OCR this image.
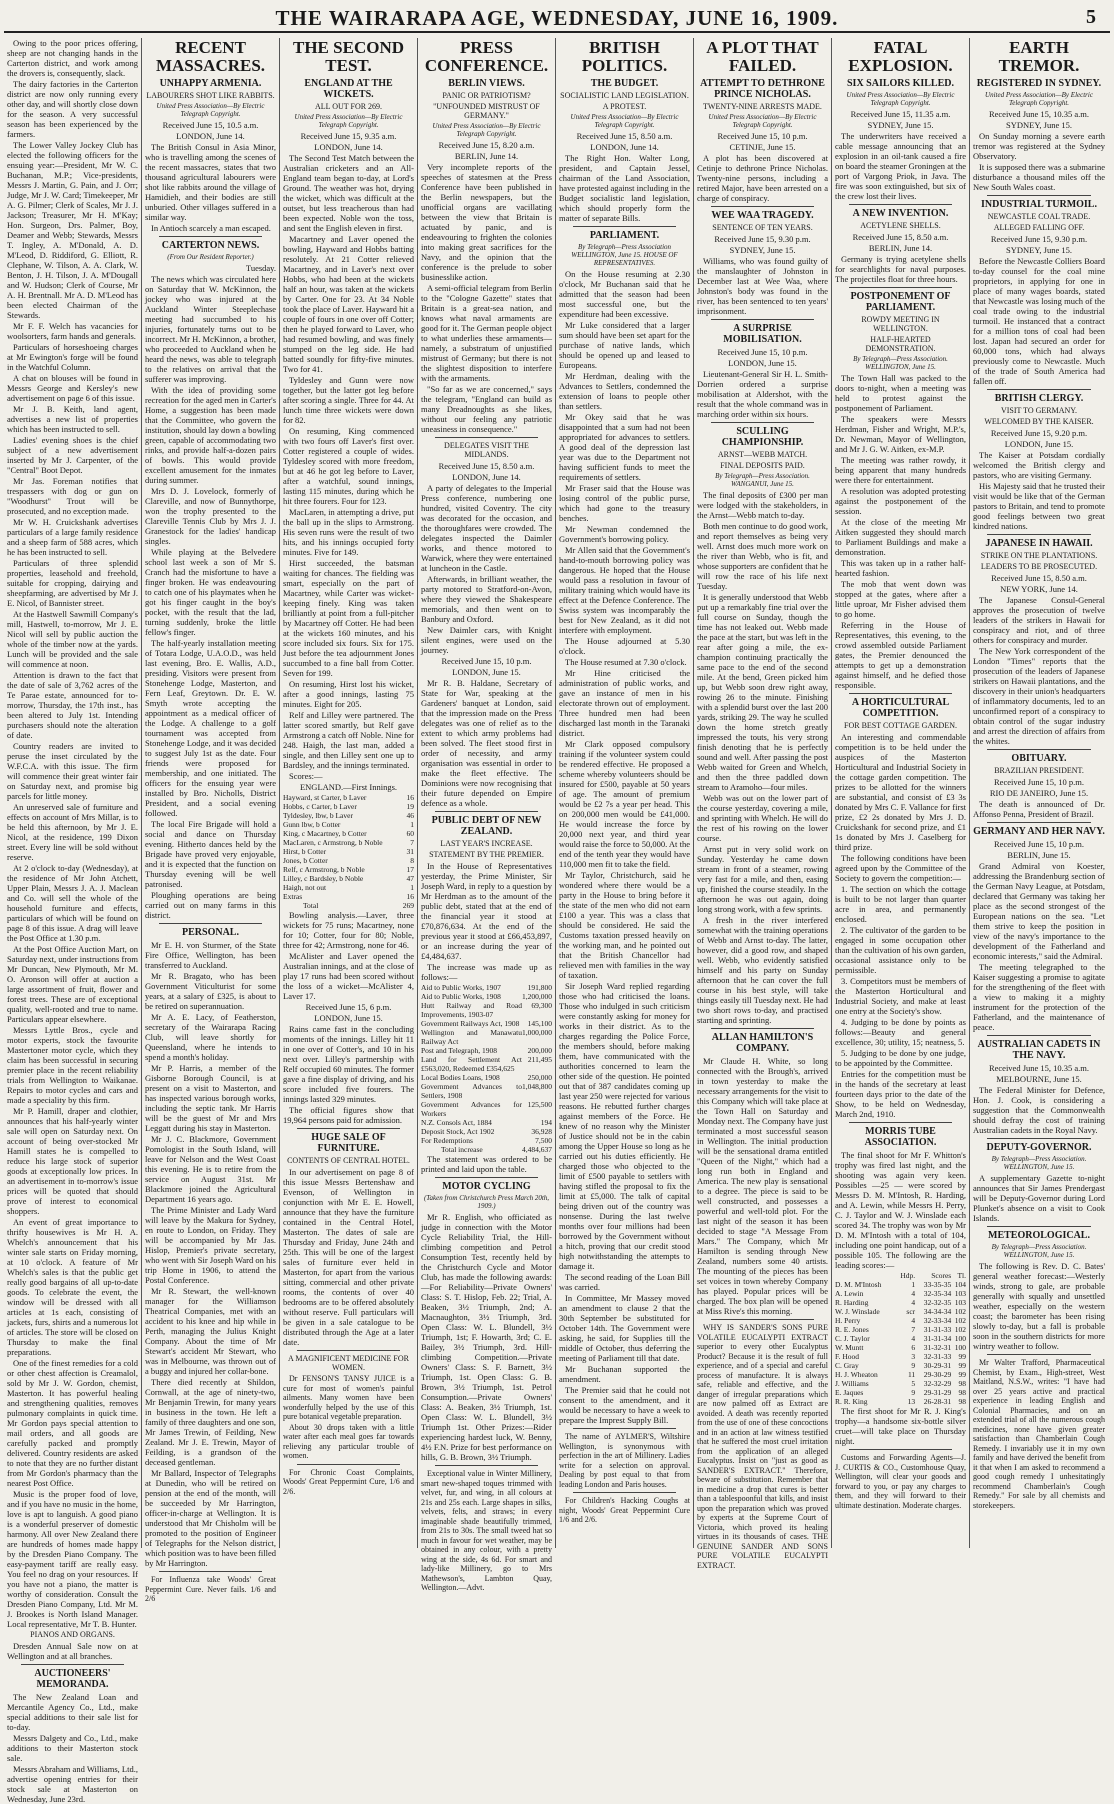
THE WAIRARAPA AGE, WEDNESDAY, JUNE 16, 1909.	5

Owing to the poor prices offering, sheep are not changing hands in the Carterton district, and work among the drovers is, consequently, slack.

The dairy factories in the Carterton district are now only running every other day, and will shortly close down for the season. A very successful season has been experienced by the farmers.

The Lower Valley Jockey Club has elected the following officers for the ensuing year:—President, Mr W. C. Buchanan, M.P.; Vice-presidents, Messrs J. Martin, G. Pain, and J. Orr; Judge, Mr J. W. Card; Timekeeper, Mr A. G. Pilmer; Clerk of Scales, Mr J. J. Jackson; Treasurer, Mr H. M'Kay; Hon. Surgeon, Drs. Palmer, Boy, Deamer and Webb; Stewards, Messrs T. Ingley, A. M'Donald, A. D. M'Leod, D. Riddiford, G. Elliott, R. Clephane, W. Tilson, A. A. Clark, W. Benton, J. H. Tilson, J. A. M'Dougall and W. Hudson; Clerk of Course, Mr A. H. Brentnall. Mr A. D. M'Leod has been elected Chairman of the Stewards.

Mr F. F. Welch has vacancies for woolsorters, farm hands and generals.

Particulars of horseshoeing charges at Mr Ewington's forge will be found in the Watchful Column.

A chat on blouses will be found in Messrs George and Kersley's new advertisement on page 6 of this issue.

Mr J. B. Keith, land agent, advertises a new list of properties which has been instructed to sell.

Ladies' evening shoes is the chief subject of a new advertisement inserted by Mr J. Carpenter, of the "Central" Boot Depot.

Mr Jas. Foreman notifies that trespassers with dog or gun on "Woodhurst" Trout will be prosecuted, and no exception made.

Mr W. H. Cruickshank advertises particulars of a large family residence and a sheep farm of 588 acres, which he has been instructed to sell.

Particulars of three splendid properties, leasehold and freehold, suitable for cropping, dairying and sheepfarming, are advertised by Mr J. E. Nicol, of Bannister street.

At the Hastwell Sawmill Company's mill, Hastwell, to-morrow, Mr J. E. Nicol will sell by public auction the whole of the timber now at the yards. Lunch will be provided and the sale will commence at noon.

Attention is drawn to the fact that the date of sale of 3,762 acres of the Te Parae estate, announced for to-morrow, Thursday, the 17th inst., has been altered to July 1st. Intending purchasers should note the alteration of date.

Country readers are invited to peruse the inset circulated by the W.F.C.A. with this issue. The firm will commence their great winter fair on Saturday next, and promise big parcels for little money.

An unreserved sale of furniture and effects on account of Mrs Millar, is to be held this afternoon, by Mr J. E. Nicol, at the residence, 199 Dixon street. Every line will be sold without reserve.

At 2 o'clock to-day (Wednesday), at the residence of Mr John Atchett, Upper Plain, Messrs J. A. J. Maclean and Co. will sell the whole of the household furniture and effects, particulars of which will be found on page 8 of this issue. A drag will leave the Post Office at 1.30 p.m.

At the Post Office Auction Mart, on Saturday next, under instructions from Mr Duncan, New Plymouth, Mr M. O. Aronson will offer at auction a large assortment of fruit, flower and forest trees. These are of exceptional quality, well-rooted and true to name. Particulars appear elsewhere.

Messrs Lyttle Bros., cycle and motor experts, stock the favourite Mastertoner motor cycle, which they claim has been successful in securing premier place in the recent reliability trials from Wellington to Waikanae. Repairs to motor cycles and cars and made a speciality by this firm.

Mr P. Hamill, draper and clothier, announces that his half-yearly winter sale will open on Saturday next. On account of being over-stocked Mr Hamill states he is compelled to reduce his large stock of superior goods at exceptionally low prices. In an advertisement in to-morrow's issue prices will be quoted that should prove of interest to economical shoppers.

An event of great importance to thrifty housewives is Mr H. A. Whelch's announcement that his winter sale starts on Friday morning, at 10 o'clock. A feature of Mr Whelch's sales is that the public get really good bargains of all up-to-date goods. To celebrate the event, the window will be dressed with all articles at 1s each, consisting of jackets, furs, shirts and a numerous lot of articles. The store will be closed on Thursday to make the final preparations.

One of the finest remedies for a cold or other chest affection is Creamalol, sold by Mr J. W. Gordon, chemist, Masterton. It has powerful healing and strengthening qualities, removes pulmonary complaints in quick time. Mr Gordon pays special attention to mail orders, and all goods are carefully packed and promptly delivered. Country residents are asked to note that they are no further distant from Mr Gordon's pharmacy than the nearest Post Office.

Music is the proper food of love, and if you have no music in the home, love is apt to languish. A good piano is a wonderful preserver of domestic harmony. All over New Zealand there are hundreds of homes made happy by the Dresden Piano Company. The easy-payment tariff are really easy. You feel no drag on your resources. If you have not a piano, the matter is worthy of consideration. Consult the Dresden Piano Company, Ltd. Mr M. J. Brookes is North Island Manager. Local representative, Mr T. B. Hunter.

PIANOS AND ORGANS.

Dresden Annual Sale now on at Wellington and at all branches.

AUCTIONEERS' MEMORANDA.

The New Zealand Loan and Mercantile Agency Co., Ltd., make special additions to their sale list for to-day.

Messrs Dalgety and Co., Ltd., make additions to their Masterton stock sale.

Messrs Abraham and Williams, Ltd., advertise opening entries for their stock sale at Masterton on Wednesday, June 23rd.

RECENT MASSACRES.
UNHAPPY ARMENIA.
LABOURERS SHOT LIKE RABBITS.
United Press Association—By Electric Telegraph Copyright.

Received June 15, 10.5 a.m.

LONDON, June 14.

The British Consul in Asia Minor, who is travelling among the scenes of the recent massacres, states that two thousand agricultural labourers were shot like rabbits around the village of Hamidieh, and their bodies are still unburied. Other villages suffered in a similar way.

In Antioch scarcely a man escaped.

CARTERTON NEWS.
(From Our Resident Reporter.)

Tuesday.

The news which was circulated here on Saturday that W. McKinnon, the jockey who was injured at the Auckland Winter Steeplechase meeting had succumbed to his injuries, fortunately turns out to be incorrect. Mr H. McKinnon, a brother, who proceeded to Auckland when he heard the news, was able to telegraph to the relatives on arrival that the sufferer was improving.

With the idea of providing some recreation for the aged men in Carter's Home, a suggestion has been made that the Committee, who govern the institution, should lay down a bowling green, capable of accommodating two rinks, and provide half-a-dozen pairs of bowls. This would provide excellent amusement for the inmates during summer.

Mrs D. J. Lovelock, formerly of Clareville, and now of Bunnythorpe, won the trophy presented to the Clareville Tennis Club by Mrs J. J. Granestock for the ladies' handicap singles.

While playing at the Belvedere school last week a son of Mr S. Cranch had the misfortune to have a finger broken. He was endeavouring to catch one of his playmates when he got his finger caught in the boy's pocket, with the result that the lad, turning suddenly, broke the little fellow's finger.

The half-yearly installation meeting of Totara Lodge, U.A.O.D., was held last evening, Bro. E. Wallis, A.D., presiding. Visitors were present from Stonehenge Lodge, Masterton, and Fern Leaf, Greytown. Dr. E. W. Smyth wrote accepting the appointment as a medical officer of the Lodge. A challenge to a golf tournament was accepted from Stonehenge Lodge, and it was decided to suggest July 1st as the date. Four friends were proposed for membership, and one initiated. The officers for the ensuing year were installed by Bro. Nicholls, District President, and a social evening followed.

The local Fire Brigade will hold a social and dance on Thursday evening. Hitherto dances held by the Brigade have proved very enjoyable, and it is expected that the function on Thursday evening will be well patronised.

Ploughing operations are being carried out on many farms in this district.

PERSONAL.

Mr E. H. von Sturmer, of the State Fire Office, Wellington, has been transferred to Auckland.

Mr R. Bragato, who has been Government Viticulturist for some years, at a salary of £325, is about to be retired on superannuation.

Mr A. E. Lacy, of Featherston, secretary of the Wairarapa Racing Club, will leave shortly for Queensland, where he intends to spend a month's holiday.

Mr P. Harris, a member of the Gisborne Borough Council, is at present on a visit to Masterton, and has inspected various borough works, including the septic tank. Mr Harris will be the guest of Mr and Mrs Leggatt during his stay in Masterton.

Mr J. C. Blackmore, Government Pomologist in the South Island, will leave for Nelson and the West Coast this evening. He is to retire from the service on August 31st. Mr Blackmore joined the Agricultural Department 16 years ago.

The Prime Minister and Lady Ward will leave by the Makura for Sydney, en route to London, on Friday. They will be accompanied by Mr Jas. Hislop, Premier's private secretary, who went with Sir Joseph Ward on his trip Home in 1906, to attend the Postal Conference.

Mr R. Stewart, the well-known manager for the Williamson Theatrical Companies, met with an accident to his knee and hip while in Perth, managing the Julius Knight Company. About the time of Mr Stewart's accident Mr Stewart, who was in Melbourne, was thrown out of a buggy and injured her collar-bone.

There died recently at Shildon, Cornwall, at the age of ninety-two, Mr Benjamin Trewin, for many years in business in the town. He left a family of three daughters and one son, Mr James Trewin, of Feilding, New Zealand. Mr J. E. Trewin, Mayor of Feilding, is a grandson of the deceased gentleman.

Mr Ballard, Inspector of Telegraphs at Dunedin, who will be retired on pension at the end of the month, will be succeeded by Mr Harrington, officer-in-charge at Wellington. It is understood that Mr Chisholm will be promoted to the position of Engineer of Telegraphs for the Nelson district, which position was to have been filled by Mr Harrington.

For Influenza take Woods' Great Peppermint Cure. Never fails. 1/6 and 2/6

THE SECOND TEST.
ENGLAND AT THE WICKETS.
ALL OUT FOR 269.
United Press Association—By Electric Telegraph Copyright.

Received June 15, 9.35 a.m.

LONDON, June 14.

The Second Test Match between the Australian cricketers and an All-England team began to-day, at Lord's Ground. The weather was hot, drying the wicket, which was difficult at the outset, but less treacherous than had been expected. Noble won the toss, and sent the English eleven in first.

Macartney and Laver opened the bowling, Hayward and Hobbs batting resolutely. At 21 Cotter relieved Macartney, and in Laver's next over Hobbs, who had been at the wickets half an hour, was taken at the wickets by Carter. One for 23. At 34 Noble took the place of Laver. Hayward hit a couple of fours in one over off Cotter; then he played forward to Laver, who had resumed bowling, and was finely stumped on the leg side. He had batted soundly for fifty-five minutes. Two for 41.

Tyldesley and Gunn were now together, but the latter got leg before after scoring a single. Three for 44. At lunch time three wickets were down for 82.

On resuming, King commenced with two fours off Laver's first over. Cotter registered a couple of wides. Tyldesley scored with more freedom, but at 46 he got leg before to Laver, after a watchful, sound innings, lasting 115 minutes, during which he hit three fourers. Four for 123.

MacLaren, in attempting a drive, put the ball up in the slips to Armstrong. His seven runs were the result of two hits, and his innings occupied forty minutes. Five for 149.

Hirst succeeded, the batsman waiting for chances. The fielding was smart, especially on the part of Macartney, while Carter was wicket-keeping finely. King was taken brilliantly at point from a full-pitcher by Macartney off Cotter. He had been at the wickets 160 minutes, and his score included six fours. Six for 175. Just before the tea adjournment Jones succumbed to a fine ball from Cotter. Seven for 199.

On resuming, Hirst lost his wicket, after a good innings, lasting 75 minutes. Eight for 205.

Relf and Lilley were partnered. The latter scored smartly, but Relf gave Armstrong a catch off Noble. Nine for 248. Haigh, the last man, added a single, and then Lilley sent one up to Bardsley, and the innings terminated.

Scores:—

ENGLAND.—First Innings.

Hayward, st Carter, b Laver	16
Hobbs, c Carter, b Laver	19
Tyldesley, lbw, b Laver	46
Gunn lbw, b Cotter	1
King, c Macartney, b Cotter	60
MacLaren, c Armstrong, b Noble	7
Hirst, b Cotter	31
Jones, b Cotter	8
Relf, c Armstrong, b Noble	17
Lilley, c Bardsley, b Noble	47
Haigh, not out	1
Extras	16
Total	269

Bowling analysis.—Laver, three wickets for 75 runs; Macartney, none for 10; Cotter, four for 80; Noble, three for 42; Armstrong, none for 46.

McAlister and Laver opened the Australian innings, and at the close of play 17 runs had been scored without the loss of a wicket—McAlister 4, Laver 17.

Received June 15, 6 p.m.

LONDON, June 15.

Rains came fast in the concluding moments of the innings. Lilley hit 11 in one over of Cotter's, and 10 in his next over. Lilley's partnership with Relf occupied 60 minutes. The former gave a fine display of driving, and his score included five fourers. The innings lasted 329 minutes.

The official figures show that 19,964 persons paid for admission.

HUGE SALE OF FURNITURE.
CONTENTS OF CENTRAL HOTEL.

In our advertisement on page 8 of this issue Messrs Bertenshaw and Evenson, of Wellington in conjunction with Mr E. E. Howell, announce that they have the furniture contained in the Central Hotel, Masterton. The dates of sale are Thursday and Friday, June 24th and 25th. This will be one of the largest sales of furniture ever held in Masterton, for apart from the various sitting, commercial and other private rooms, the contents of over 40 bedrooms are to be offered absolutely without reserve. Full particulars will be given in a sale catalogue to be distributed through the Age at a later date.

A MAGNIFICENT MEDICINE FOR WOMEN.

Dr FENSON'S TANSY JUICE is a cure for most of women's painful ailments. Many women have been wonderfully helped by the use of this pure botanical vegetable preparation.

About 30 drops taken with a little water after each meal goes far towards relieving any particular trouble of women.

For Chronic Coast Complaints, Woods' Great Peppermint Cure, 1/6 and 2/6.

PRESS CONFERENCE.
BERLIN VIEWS.
PANIC OR PATRIOTISM?
"UNFOUNDED MISTRUST OF GERMANY."
United Press Association—By Electric Telegraph Copyright.

Received June 15, 8.20 a.m.

BERLIN, June 14.

Very incomplete reports of the speeches of statesmen at the Press Conference have been published in the Berlin newspapers, but the unofficial organs are vacillating between the view that Britain is actuated by panic, and is endeavouring to frighten the colonies into making great sacrifices for the Navy, and the opinion that the conference is the prelude to sober businesslike action.

A semi-official telegram from Berlin to the "Cologne Gazette" states that Britain is a great-sea nation, and knows what naval armaments are good for it. The German people object to what underlies these armaments—namely, a substratum of unjustified mistrust of Germany; but there is not the slightest disposition to interfere with the armaments.

"So far as we are concerned," says the telegram, "England can build as many Dreadnoughts as she likes, without our feeling any patriotic uneasiness in consequence."

DELEGATES VISIT THE MIDLANDS.

Received June 15, 8.50 a.m.

LONDON, June 14.

A party of delegates to the Imperial Press conference, numbering one hundred, visited Coventry. The city was decorated for the occasion, and the thoroughfares were crowded. The delegates inspected the Daimler works, and thence motored to Warwick, where they were entertained at luncheon in the Castle.

Afterwards, in brilliant weather, the party motored to Stratford-on-Avon, where they viewed the Shakespeare memorials, and then went on to Banbury and Oxford.

New Daimler cars, with Knight silent engines, were used on the journey.

Received June 15, 10 p.m.

LONDON, June 15.

Mr R. B. Haldane, Secretary of State for War, speaking at the Gardeners' banquet at London, said that the impression made on the Press delegates was one of relief as to the extent to which army problems had been solved. The fleet stood first in order of necessity, and army organisation was essential in order to make the fleet effective. The Dominions were now recognising that their future depended on Empire defence as a whole.

PUBLIC DEBT OF NEW ZEALAND.
LAST YEAR'S INCREASE.
STATEMENT BY THE PREMIER.

In the House of Representatives yesterday, the Prime Minister, Sir Joseph Ward, in reply to a question by Mr Herdman as to the amount of the public debt, stated that at the end of the financial year it stood at £70,876,634. At the end of the previous year it stood at £66,453,897, or an increase during the year of £4,484,637.

The increase was made up as follows:—

Aid to Public Works, 1907	191,800
Aid to Public Works, 1908	1,200,000
Hutt Railway and Road Improvements, 1903-07	69,300
Government Railways Act, 1908	145,100
Wellington and Manawatu Railway Act	1,000,000
Post and Telegraph, 1908	200,000
Land for Settlement Act £563,020, Redeemed £354,625	211,495
Local Bodies Loans, 1908	250,000
Government Advances to Settlers, 1908	1,048,800
Government Advances for Workers	125,500
N.Z. Consols Act, 1884	194
Deposit Stock, Act 1902	36,928
For Redemptions	7,500
Total increase	4,484,637

The statement was ordered to be printed and laid upon the table.

MOTOR CYCLING
(Taken from Christchurch Press March 20th, 1909.)

Mr R. English, who officiated as judge in connection with the Motor Cycle Reliability Trial, the Hill-climbing competition and Petrol Consumption Test, recently held by the Christchurch Cycle and Motor Club, has made the following awards:—For Reliability—Private Owners' Class: S. T. Hislop, Feb. 22; Trial, A. Beaken, 3½ Triumph, 2nd; A. Macnaughton, 3½ Triumph, 3rd. Open Class: W. L. Blundell, 3½ Triumph, 1st; F. Howarth, 3rd; C. E. Bailey, 3½ Triumph, 3rd. Hill-climbing Competition.—Private Owners' Class: S. F. Barnett, 3½ Triumph, 1st. Open Class: G. B. Brown, 3½ Triumph, 1st. Petrol Consumption.—Private Owners' Class: A. Beaken, 3½ Triumph, 1st. Open Class: W. L. Blundell, 3½ Triumph 1st. Other Prizes:—Rider experiencing hardest luck, W. Benny, 4½ F.N. Prize for best performance on hills, G. B. Brown, 3½ Triumph.

Exceptional value in Winter Millinery, smart new-shaped toques trimmed with velvet, fur, and wing, in all colours at 21s and 25s each. Large shapes in silks, velvets, felts, and straws; in every imaginable shade beautifully trimmed, from 21s to 30s. The small tweed hat so much in favour for wet weather, may be obtained in any colour, with a pretty wing at the side, 4s 6d. For smart and lady-like Millinery, go to Mrs Mathewson's, Lambton Quay, Wellington.—Advt.

BRITISH POLITICS.
THE BUDGET.
SOCIALISTIC LAND LEGISLATION.
A PROTEST.
United Press Association—By Electric Telegraph Copyright.

Received June 15, 8.50 a.m.

LONDON, June 14.

The Right Hon. Walter Long, president, and Captain Jessel, chairman of the Land Association, have protested against including in the Budget socialistic land legislation, which should properly form the matter of separate Bills.

PARLIAMENT.
By Telegraph—Press Association WELLINGTON, June 15. HOUSE OF REPRESENTATIVES.

On the House resuming at 2.30 o'clock, Mr Buchanan said that he admitted that the season had been most successful one, but the expenditure had been excessive.

Mr Luke considered that a larger sum should have been set apart for the purchase of native lands, which should be opened up and leased to Europeans.

Mr Herdman, dealing with the Advances to Settlers, condemned the extension of loans to people other than settlers.

Mr Okey said that he was disappointed that a sum had not been appropriated for advances to settlers. A good deal of the depression last year was due to the Department not having sufficient funds to meet the requirements of settlers.

Mr Fraser said that the House was losing control of the public purse, which had gone to the treasury benches.

Mr Newman condemned the Government's borrowing policy.

Mr Allen said that the Government's hand-to-mouth borrowing policy was dangerous. He hoped that the House would pass a resolution in favour of military training which would have its effect at the Defence Conference. The Swiss system was incomparably the best for New Zealand, as it did not interfere with employment.

The House adjourned at 5.30 o'clock.

The House resumed at 7.30 o'clock.

Mr Hine criticised the administration of public works, and gave an instance of men in his electorate thrown out of employment. Three hundred men had been discharged last month in the Taranaki district.

Mr Clark opposed compulsory training if the volunteer system could be rendered effective. He proposed a scheme whereby volunteers should be insured for £500, payable at 50 years of age. The amount of premium would be £2 7s a year per head. This on 200,000 men would be £41,000. He would increase the force by 20,000 next year, and third year would raise the force to 50,000. At the end of the tenth year they would have 110,000 men fit to take the field.

Mr Taylor, Christchurch, said he wondered where there would be a party in the House to bring before it the state of the men who did not earn £100 a year. This was a class that should be considered. He said the Customs taxation pressed heavily on the working man, and he pointed out that the British Chancellor had relieved men with families in the way of taxation.

Sir Joseph Ward replied regarding those who had criticised the loans. Those who indulged in such criticism were constantly asking for money for works in their district. As to the charges regarding the Police Force, the members should, before making them, have communicated with the authorities concerned to learn the other side of the question. He pointed out that of 387 candidates coming up last year 250 were rejected for various reasons. He rebutted further charges against members of the Force. He knew of no reason why the Minister of Justice should not be in the cabin among the Upper House so long as he carried out his duties efficiently. He charged those who objected to the limit of £500 payable to settlers with having stifled the proposal to fix the limit at £5,000. The talk of capital being driven out of the country was nonsense. During the last twelve months over four millions had been borrowed by the Government without a hitch, proving that our credit stood high notwithstanding the attempts to damage it.

The second reading of the Loan Bill was carried.

In Committee, Mr Massey moved an amendment to clause 2 that the 30th September be substituted for October 14th. The Government were asking, he said, for Supplies till the middle of October, thus deferring the meeting of Parliament till that date.

Mr Buchanan supported the amendment.

The Premier said that he could not consent to the amendment, and it would be necessary to have a week to prepare the Imprest Supply Bill.

The name of AYLMER'S, Wiltshire Wellington, is synonymous with perfection in the art of Millinery. Ladies write for a selection on approval. Dealing by post equal to that from leading London and Paris houses.

For Children's Hacking Coughs at night, Woods' Great Peppermint Cure 1/6 and 2/6.

A PLOT THAT FAILED.
ATTEMPT TO DETHRONE PRINCE NICHOLAS.
TWENTY-NINE ARRESTS MADE.
United Press Association—By Electric Telegraph Copyright.

Received June 15, 10 p.m.

CETINJE, June 15.

A plot has been discovered at Cetinje to dethrone Prince Nicholas. Twenty-nine persons, including a retired Major, have been arrested on a charge of conspiracy.

WEE WAA TRAGEDY.
SENTENCE OF TEN YEARS.

Received June 15, 9.30 p.m.

SYDNEY, June 15.

Williams, who was found guilty of the manslaughter of Johnston in December last at Wee Waa, where Johnston's body was found in the river, has been sentenced to ten years' imprisonment.

A SURPRISE MOBILISATION.

Received June 15, 10 p.m.

LONDON, June 15.

Lieutenant-General Sir H. L. Smith-Dorrien ordered a surprise mobilisation at Aldershot, with the result that the whole command was in marching order within six hours.

SCULLING CHAMPIONSHIP.
ARNST—WEBB MATCH.
FINAL DEPOSITS PAID.
By Telegraph—Press Association. WANGANUI, June 15.

The final deposits of £300 per man were lodged with the stakeholders, in the Arnst—Webb match to-day.

Both men continue to do good work, and report themselves as being very well. Arnst does much more work on the river than Webb, who is fit, and whose supporters are confident that he will row the race of his life next Tuesday.

It is generally understood that Webb put up a remarkably fine trial over the full course on Sunday, though the time has not leaked out. Webb made the pace at the start, but was left in the rear after going a mile, the ex-champion continuing practically the same pace to the end of the second mile. At the bend, Green picked him up, but Webb soon drew right away, rowing 26 to the minute. Finishing with a splendid burst over the last 200 yards, striking 29. The way he sculled down the home stretch greatly impressed the touts, his very strong finish denoting that he is perfectly sound and well. After passing the post Webb waited for Green and Whelch, and then the three paddled down stream to Aramoho—four miles.

Webb was out on the lower part of the course yesterday, covering a mile, and sprinting with Whelch. He will do the rest of his rowing on the lower course.

Arnst put in very solid work on Sunday. Yesterday he came down stream in front of a steamer, rowing very fast for a mile, and then, easing up, finished the course steadily. In the afternoon he was out again, doing long strong work, with a few sprints.

A fresh in the river interfered somewhat with the training operations of Webb and Arnst to-day. The latter, however, did a good row, and shaped well. Webb, who evidently satisfied himself and his party on Sunday afternoon that he can cover the full course in his best style, will take things easily till Tuesday next. He had two short rows to-day, and practised starting and sprinting.

ALLAN HAMILTON'S COMPANY.

Mr Claude H. White, so long connected with the Brough's, arrived in town yesterday to make the necessary arrangements for the visit to this Company which will take place at the Town Hall on Saturday and Monday next. The Company have just terminated a most successful season in Wellington. The initial production will be the sensational drama entitled "Queen of the Night," which had a long run both in England and America. The new play is sensational to a degree. The piece is said to be well constructed, and possesses a powerful and well-told plot. For the last night of the season it has been decided to stage "A Message From Mars." The Company, which Mr Hamilton is sending through New Zealand, numbers some 40 artists. The mounting of the pieces has been set voices in town whereby Company has played. Popular prices will be charged. The box plan will be opened at Miss Rive's this morning.

WHY IS SANDER'S SONS PURE VOLATILE EUCALYPTI EXTRACT superior to every other Eucalyptus Product? Because it is the result of full experience, and of a special and careful process of manufacture. It is always safe, reliable and effective, and the danger of irregular preparations which are now palmed off as Extract are avoided. A death was recently reported from the use of one of these concoctions and in an action at law witness testified that he suffered the most cruel irritation from the application of an alleged Eucalyptus. Insist on "just as good as SANDER'S EXTRACT." Therefore, beware of substitution. Remember that in medicine a drop that cures is better than a tablespoonful that kills, and insist upon the preparation which was proved by experts at the Supreme Court of Victoria, which proved its healing virtues in its thousands of cases. THE GENUINE SANDER AND SONS PURE VOLATILE EUCALYPTI EXTRACT.

FATAL EXPLOSION.
SIX SAILORS KILLED.
United Press Association—By Electric Telegraph Copyright.

Received June 15, 11.35 a.m.

SYDNEY, June 15.

The underwriters have received a cable message announcing that an explosion in an oil-tank caused a fire on board the steamer Groningen at the port of Vargong Priok, in Java. The fire was soon extinguished, but six of the crew lost their lives.

A NEW INVENTION.
ACETYLENE SHELLS.

Received June 15, 8.50 a.m.

BERLIN, June 14.

Germany is trying acetylene shells for searchlights for naval purposes. The projectiles float for three hours.

POSTPONEMENT OF PARLIAMENT.
ROWDY MEETING IN WELLINGTON.
HALF-HEARTED DEMONSTRATION.
By Telegraph—Press Association. WELLINGTON, June 15.

The Town Hall was packed to the doors to-night, when a meeting was held to protest against the postponement of Parliament.

The speakers were Messrs Herdman, Fisher and Wright, M.P.'s, Dr. Newman, Mayor of Wellington, and Mr J. G. W. Aitken, ex-M.P.

The meeting was rather rowdy, it being apparent that many hundreds were there for entertainment.

A resolution was adopted protesting against the postponement of the session.

At the close of the meeting Mr Aitken suggested they should march to Parliament Buildings and make a demonstration.

This was taken up in a rather half-hearted fashion.

The mob that went down was stopped at the gates, where after a little uproar, Mr Fisher advised them to go home.

Referring in the House of Representatives, this evening, to the crowd assembled outside Parliament gates, the Premier denounced the attempts to get up a demonstration against himself, and he defied those responsible.

A HORTICULTURAL COMPETITION.
FOR BEST COTTAGE GARDEN.

An interesting and commendable competition is to be held under the auspices of the Masterton Horticultural and Industrial Society in the cottage garden competition. The prizes to be allotted for the winners are substantial, and consist of £3 3s donated by Mrs C. F. Vallance for first prize, £2 2s donated by Mrs J. D. Cruickshank for second prize, and £1 1s donated by Mrs J. Caselberg for third prize.

The following conditions have been agreed upon by the Committee of the Society to govern the competition:—

1. The section on which the cottage is built to be not larger than quarter acre in area, and permanently enclosed.

2. The cultivator of the garden to be engaged in some occupation other than the cultivation of his own garden, occasional assistance only to be permissible.

3. Competitors must be members of the Masterton Horticultural and Industrial Society, and make at least one entry at the Society's show.

4. Judging to be done by points as follows:—Beauty and general excellence, 30; utility, 15; neatness, 5.

5. Judging to be done by one judge, to be appointed by the Committee.

Entries for the competition must be in the hands of the secretary at least fourteen days prior to the date of the Show, to be held on Wednesday, March 2nd, 1910.

MORRIS TUBE ASSOCIATION.

The final shoot for Mr F. Whitton's trophy was fired last night, and the shooting was again very keen. Possibles —25 — were scored by Messrs D. M. M'Intosh, R. Harding, and A. Lewin, while Messrs H. Perry, C. J. Taylor and W. J. Winslade each scored 34. The trophy was won by Mr D. M. M'Intosh with a total of 104, including one point handicap, out of a possible 105. The following are the leading scores:—

	Hdp.	Scores	Tl.
D. M. M'Intosh	1	33-35-35	104
A. Lewin	4	32-35-34	103
R. Harding	4	32-32-35	103
W. J. Winslade	scr	34-34-34	102
H. Perry	4	32-33-34	102
R. E. Jones	7	31-31-33	102
C. J. Taylor	4	31-31-34	100
W. Muntt	6	31-32-31	100
F. Hood	3	32-31-33	99
C. Gray	9	30-29-31	99
H. J. Wheaton	11	29-30-29	99
J. Williams	5	32-32-29	98
E. Jaques	9	29-31-29	98
R. R. King	13	26-28-31	98

The first shoot for Mr R. J. King's trophy—a handsome six-bottle silver cruet—will take place on Thursday night.

Customs and Forwarding Agents—J. J. CURTIS & CO., Customhouse Quay, Wellington, will clear your goods and forward to you, or pay any charges to them, and they will forward to their ultimate destination. Moderate charges.

EARTH TREMOR.
REGISTERED IN SYDNEY.
United Press Association—By Electric Telegraph Copyright.

Received June 15, 10.35 a.m.

SYDNEY, June 15.

On Sunday morning a severe earth tremor was registered at the Sydney Observatory.

It is supposed there was a submarine disturbance a thousand miles off the New South Wales coast.

INDUSTRIAL TURMOIL.
NEWCASTLE COAL TRADE.
ALLEGED FALLING OFF.

Received June 15, 9.30 p.m.

SYDNEY, June 15.

Before the Newcastle Colliers Board to-day counsel for the coal mine proprietors, in applying for one in place of many wages boards, stated that Newcastle was losing much of the coal trade owing to the industrial turmoil. He instanced that a contract for a million tons of coal had been lost. Japan had secured an order for 60,000 tons, which had always previously come to Newcastle. Much of the trade of South America had fallen off.

BRITISH CLERGY.
VISIT TO GERMANY.
WELCOMED BY THE KAISER.

Received June 15, 9.20 p.m.

LONDON, June 15.

The Kaiser at Potsdam cordially welcomed the British clergy and pastors, who are visiting Germany.

His Majesty said that he trusted their visit would be like that of the German pastors to Britain, and tend to promote good feelings between two great kindred nations.

JAPANESE IN HAWAII.
STRIKE ON THE PLANTATIONS.
LEADERS TO BE PROSECUTED.

Received June 15, 8.50 a.m.

NEW YORK, June 14.

The Japanese Consul-General approves the prosecution of twelve leaders of the strikers in Hawaii for conspiracy and riot, and of three others for conspiracy and murder.

The New York correspondent of the London "Times" reports that the prosecution of the leaders of Japanese strikers on Hawaii plantations, and the discovery in their union's headquarters of inflammatory documents, led to an unconfirmed report of a conspiracy to obtain control of the sugar industry and arrest the direction of affairs from the whites.

OBITUARY.
BRAZILIAN PRESIDENT.

Received June 15, 10 p.m.

RIO DE JANEIRO, June 15.

The death is announced of Dr. Affonso Penna, President of Brazil.

GERMANY AND HER NAVY.

Received June 15, 10 p.m.

BERLIN, June 15.

Grand Admiral von Koester, addressing the Brandenburg section of the German Navy League, at Potsdam, declared that Germany was taking her place as the second strongest of the European nations on the sea. "Let them strive to keep the position in view of the navy's importance to the development of the Fatherland and economic interests," said the Admiral.

The meeting telegraphed to the Kaiser suggesting a promise to agitate for the strengthening of the fleet with a view to making it a mighty instrument for the protection of the Fatherland, and the maintenance of peace.

AUSTRALIAN CADETS IN THE NAVY.

Received June 15, 10.35 a.m.

MELBOURNE, June 15.

The Federal Minister for Defence, Hon. J. Cook, is considering a suggestion that the Commonwealth should defray the cost of training Australian cadets in the Royal Navy.

DEPUTY-GOVERNOR.
By Telegraph—Press Association. WELLINGTON, June 15.

A supplementary Gazette to-night announces that Sir James Prendergast will be Deputy-Governor during Lord Plunket's absence on a visit to Cook Islands.

METEOROLOGICAL.
By Telegraph—Press Association. WELLINGTON, June 15.

The following is Rev. D. C. Bates' general weather forecast:—Westerly winds, strong to gale, are probable generally with squally and unsettled weather, especially on the western coast; the barometer has been rising slowly to-day, but a fall is probable soon in the southern districts for more wintry weather to follow.

Mr Walter Trafford, Pharmaceutical Chemist, by Exam., High-street, West Maitland, N.S.W., writes: "I have had over 25 years active and practical experience in leading English and Colonial Pharmacies, and on an extended trial of all the numerous cough medicines, none have given greater satisfaction than Chamberlain Cough Remedy. I invariably use it in my own family and have derived the benefit from it that when I am asked to recommend a good cough remedy I unhesitatingly recommend Chamberlain's Cough Remedy." For sale by all chemists and storekeepers.
